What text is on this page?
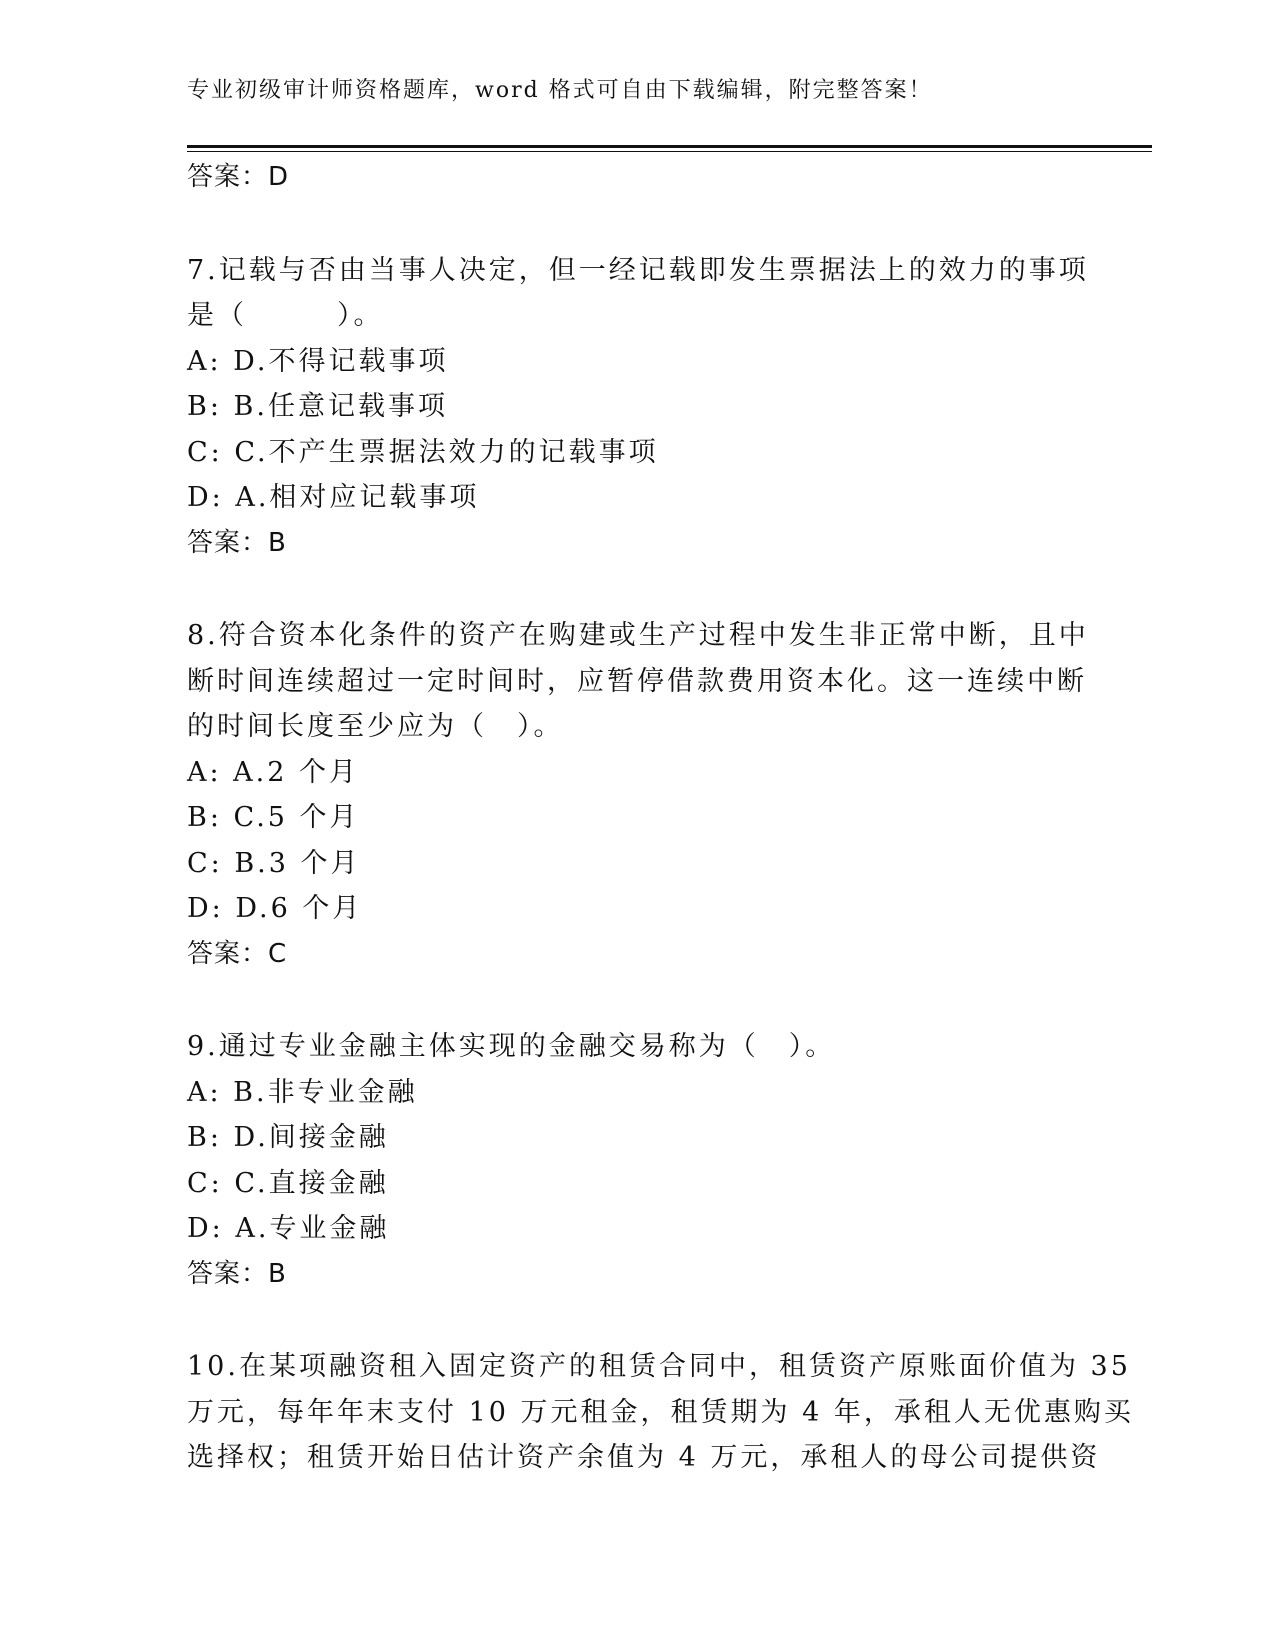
专业初级审计师资格题库，word 格式可自由下载编辑，附完整答案！
答案：D
7.记载与否由当事人决定，但一经记载即发生票据法上的效力的事项
是（　　　）。
A: D.不得记载事项
B: B.任意记载事项
C: C.不产生票据法效力的记载事项
D: A.相对应记载事项
答案：B
8.符合资本化条件的资产在购建或生产过程中发生非正常中断，且中
断时间连续超过一定时间时，应暂停借款费用资本化。这一连续中断
的时间长度至少应为（　）。
A: A.2 个月
B: C.5 个月
C: B.3 个月
D: D.6 个月
答案：C
9.通过专业金融主体实现的金融交易称为（　）。
A: B.非专业金融
B: D.间接金融
C: C.直接金融
D: A.专业金融
答案：B
10.在某项融资租入固定资产的租赁合同中，租赁资产原账面价值为 35
万元，每年年末支付 10 万元租金，租赁期为 4 年，承租人无优惠购买
选择权；租赁开始日估计资产余值为 4 万元，承租人的母公司提供资
